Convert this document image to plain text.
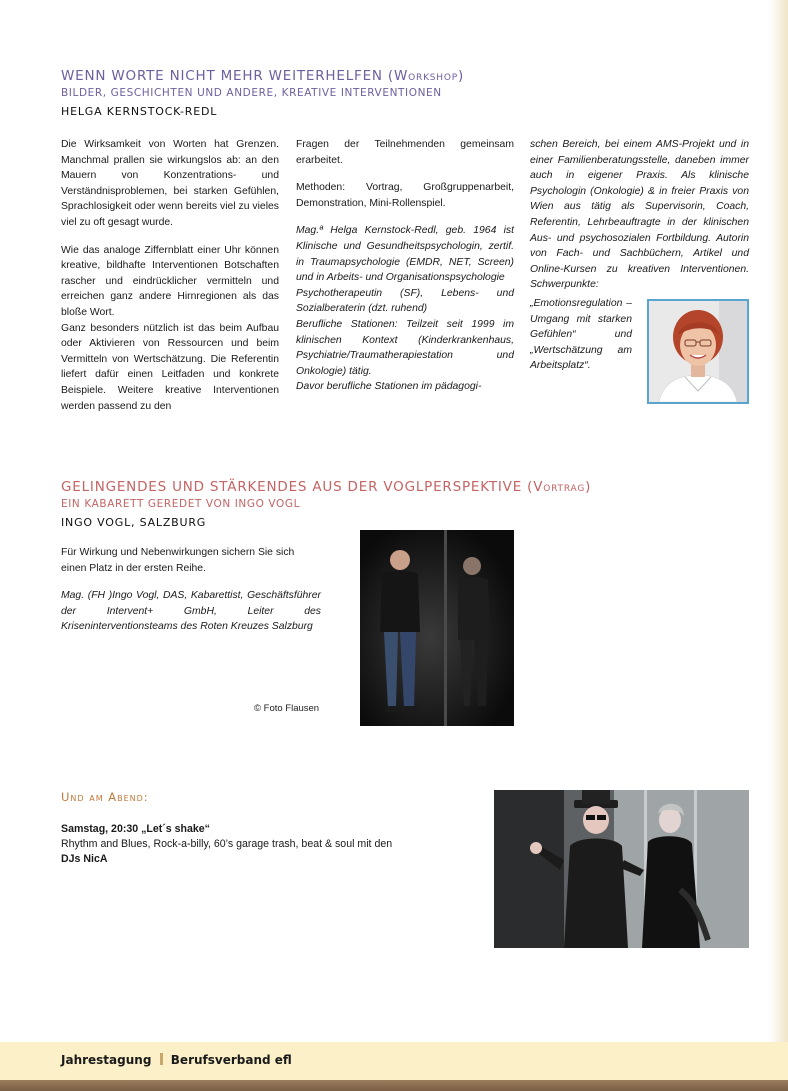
WENN WORTE NICHT MEHR WEITERHELFEN (Workshop)
BILDER, GESCHICHTEN UND ANDERE, KREATIVE INTERVENTIONEN
HELGA KERNSTOCK-REDL

Die Wirksamkeit von Worten hat Grenzen. Manchmal prallen sie wirkungslos ab: an den Mauern von Konzentrations- und Verständnisproblemen, bei starken Gefühlen, Sprachlosigkeit oder wenn bereits viel zu vieles viel zu oft gesagt wurde.

Wie das analoge Ziffernblatt einer Uhr können kreative, bildhafte Interventionen Botschaften rascher und eindrücklicher vermitteln und erreichen ganz andere Hirnregionen als das bloße Wort.

Ganz besonders nützlich ist das beim Aufbau oder Aktivieren von Ressourcen und beim Vermitteln von Wertschätzung. Die Referentin liefert dafür einen Leitfaden und konkrete Beispiele. Weitere kreative Interventionen werden passend zu den

Fragen der Teilnehmenden gemeinsam erarbeitet.

Methoden: Vortrag, Großgruppenarbeit, Demonstration, Mini-Rollenspiel.

Mag.ª Helga Kernstock-Redl, geb. 1964 ist Klinische und Gesundheitspsychologin, zertif. in Traumapsychologie (EMDR, NET, Screen) und in Arbeits- und Organisationspsychologie

Psychotherapeutin (SF), Lebens- und Sozialberaterin (dzt. ruhend)

Berufliche Stationen: Teilzeit seit 1999 im klinischen Kontext (Kinderkrankenhaus, Psychiatrie/Traumatherapiestation und Onkologie) tätig.

Davor berufliche Stationen im pädagogi-

schen Bereich, bei einem AMS-Projekt und in einer Familienberatungsstelle, daneben immer auch in eigener Praxis. Als klinische Psychologin (Onkologie) & in freier Praxis von Wien aus tätig als Supervisorin, Coach, Referentin, Lehrbeauftragte in der klinischen Aus- und psychosozialen Fortbildung. Autorin von Fach- und Sachbüchern, Artikel und Online-Kursen zu kreativen Interventionen. Schwerpunkte:

„Emotionsregulation – Umgang mit starken Gefühlen“ und „Wertschätzung am Arbeitsplatz“.

GELINGENDES UND STÄRKENDES AUS DER VOGLPERSPEKTIVE (Vortrag)
EIN KABARETT GEREDET VON INGO VOGL
INGO VOGL, SALZBURG

Für Wirkung und Nebenwirkungen sichern Sie sich einen Platz in der ersten Reihe.

Mag. (FH )Ingo Vogl, DAS, Kabarettist, Geschäftsführer der Intervent+ GmbH, Leiter des Kriseninterventionsteams des Roten Kreuzes Salzburg

© Foto Flausen
Und am Abend:
Samstag, 20:30 „Let´s shake“
Rhythm and Blues, Rock-a-billy, 60’s garage trash, beat & soul mit den
DJs NicA
Jahrestagung Berufsverband efl
